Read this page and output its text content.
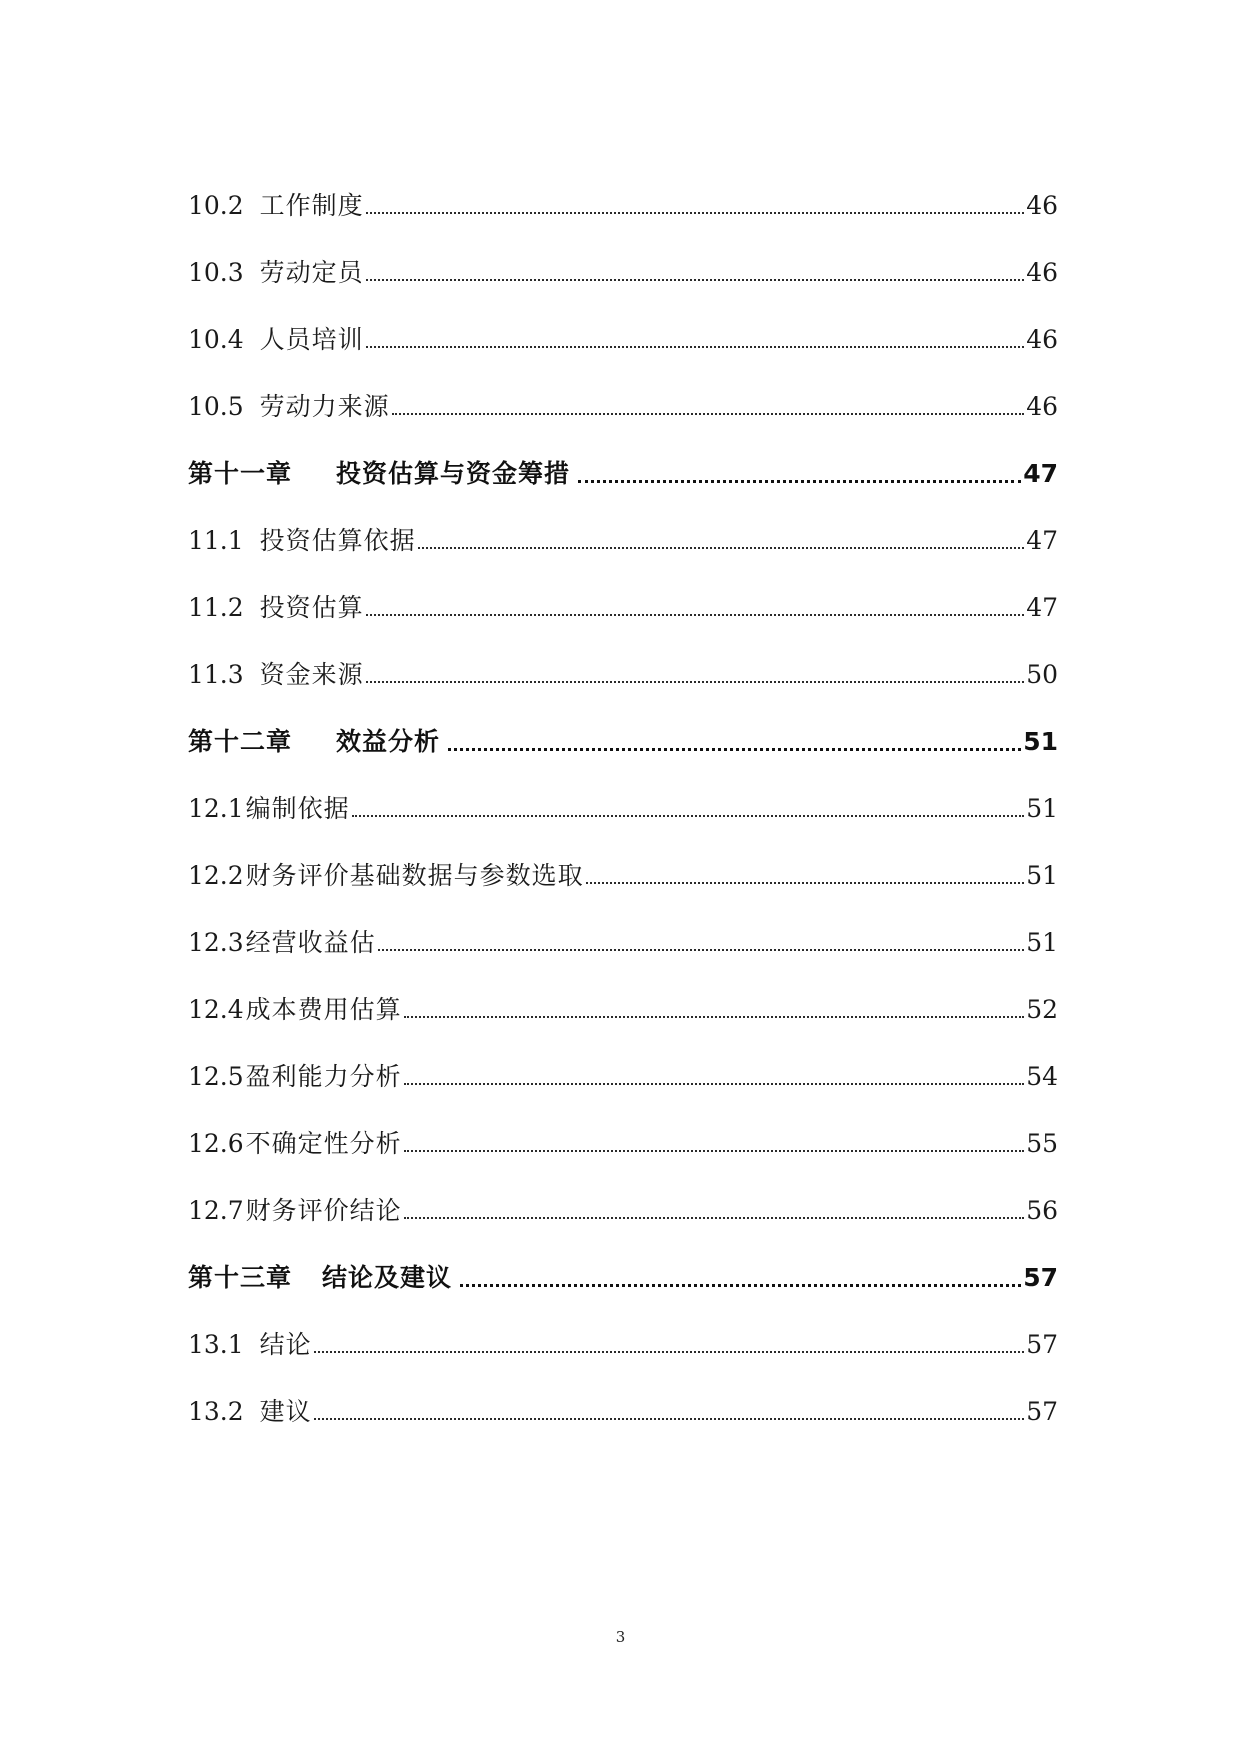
10.2 工作制度	46
10.3 劳动定员	46
10.4 人员培训	46
10.5 劳动力来源	46
第十一章 投资估算与资金筹措	47
11.1 投资估算依据	47
11.2 投资估算	47
11.3 资金来源	50
第十二章 效益分析	51
12.1 编制依据	51
12.2 财务评价基础数据与参数选取	51
12.3 经营收益估	51
12.4 成本费用估算	52
12.5 盈利能力分析	54
12.6 不确定性分析	55
12.7 财务评价结论	56
第十三章 结论及建议	57
13.1 结论	57
13.2 建议	57
3
